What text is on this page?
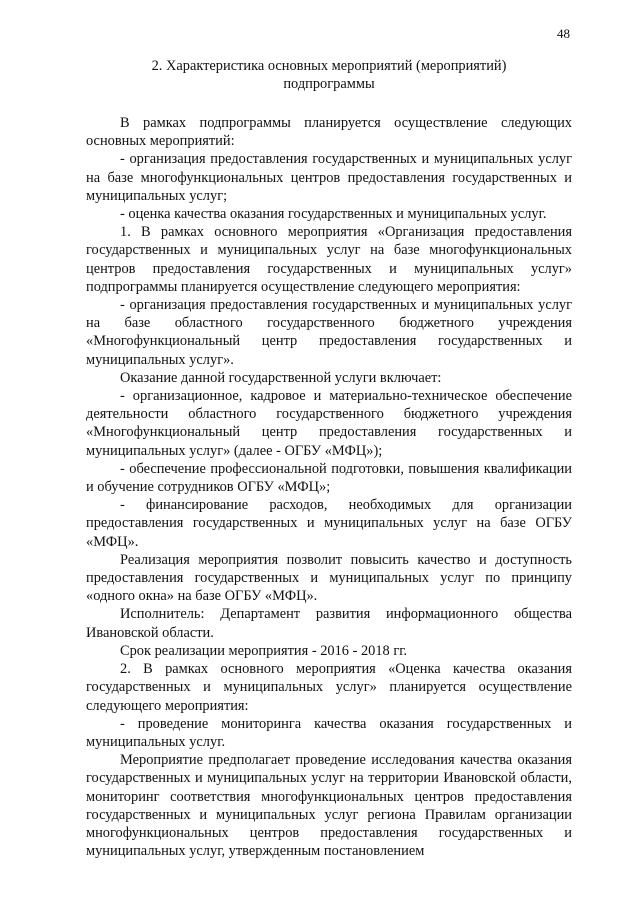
48
2. Характеристика основных мероприятий (мероприятий)
подпрограммы

В рамках подпрограммы планируется осуществление следующих основных мероприятий:

- организация предоставления государственных и муниципальных услуг на базе многофункциональных центров предоставления государственных и муниципальных услуг;

- оценка качества оказания государственных и муниципальных услуг.

1. В рамках основного мероприятия «Организация предоставления государственных и муниципальных услуг на базе многофункциональных центров предоставления государственных и муниципальных услуг» подпрограммы планируется осуществление следующего мероприятия:

- организация предоставления государственных и муниципальных услуг на базе областного государственного бюджетного учреждения «Многофункциональный центр предоставления государственных и муниципальных услуг».

Оказание данной государственной услуги включает:

- организационное, кадровое и материально-техническое обеспечение деятельности областного государственного бюджетного учреждения «Многофункциональный центр предоставления государственных и муниципальных услуг» (далее - ОГБУ «МФЦ»);

- обеспечение профессиональной подготовки, повышения квалификации и обучение сотрудников ОГБУ «МФЦ»;

- финансирование расходов, необходимых для организации предоставления государственных и муниципальных услуг на базе ОГБУ «МФЦ».

Реализация мероприятия позволит повысить качество и доступность предоставления государственных и муниципальных услуг по принципу «одного окна» на базе ОГБУ «МФЦ».

Исполнитель: Департамент развития информационного общества Ивановской области.

Срок реализации мероприятия - 2016 - 2018 гг.

2. В рамках основного мероприятия «Оценка качества оказания государственных и муниципальных услуг» планируется осуществление следующего мероприятия:

- проведение мониторинга качества оказания государственных и муниципальных услуг.

Мероприятие предполагает проведение исследования качества оказания государственных и муниципальных услуг на территории Ивановской области, мониторинг соответствия многофункциональных центров предоставления государственных и муниципальных услуг региона Правилам организации многофункциональных центров предоставления государственных и муниципальных услуг, утвержденным постановлением
